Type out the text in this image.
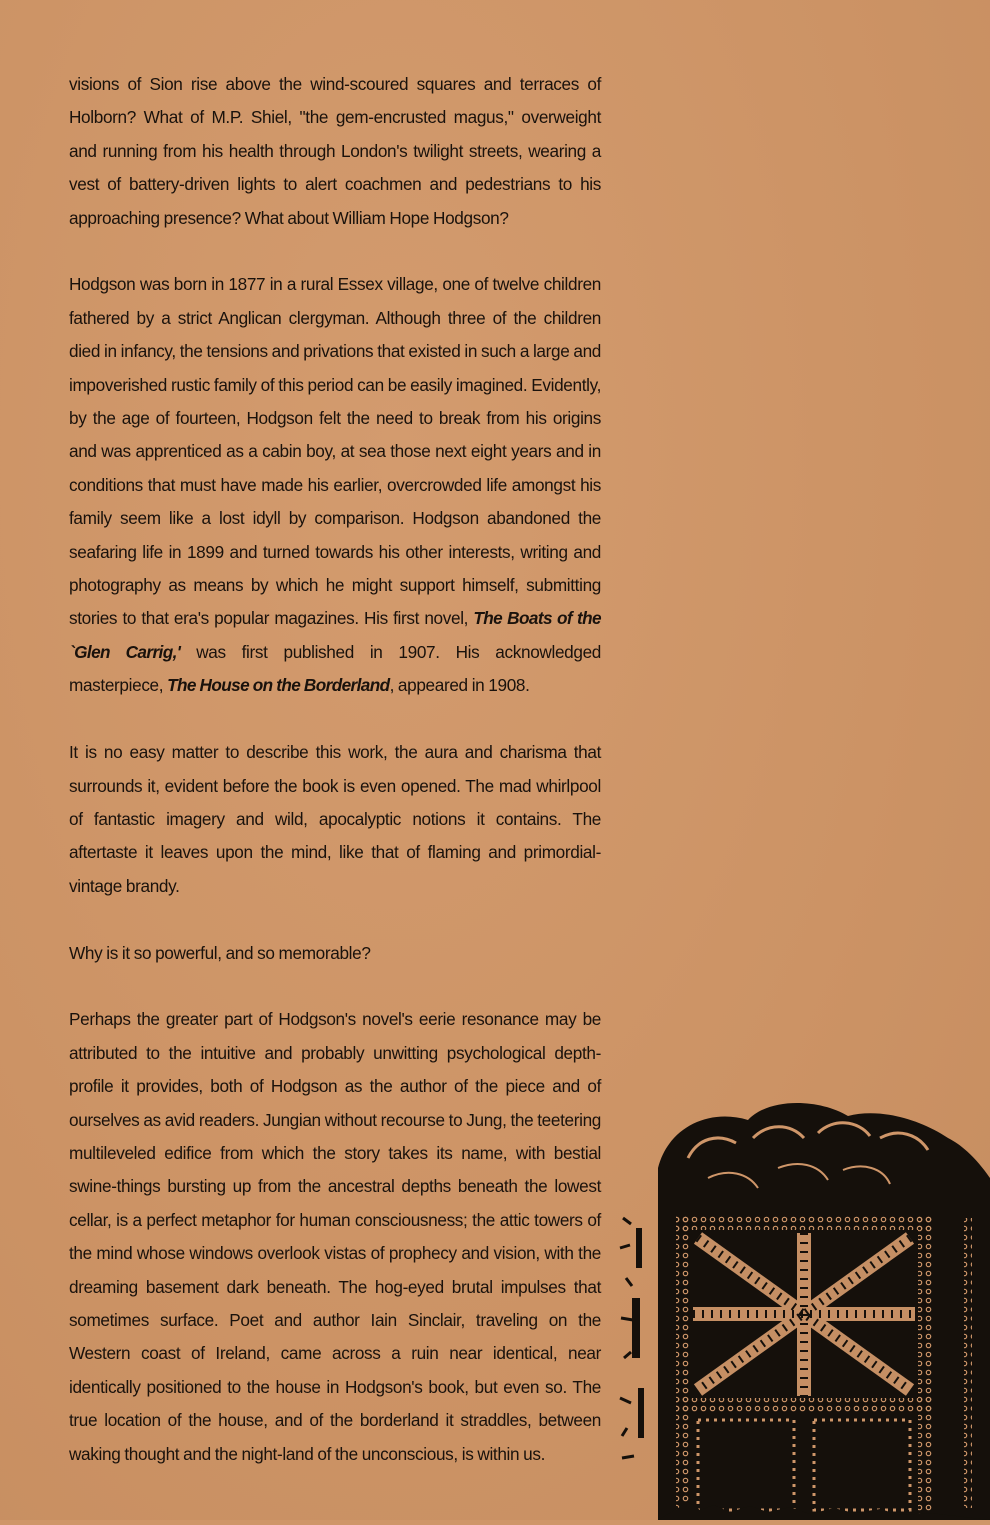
visions of Sion rise above the wind-scoured squares and terraces of Holborn? What of M.P. Shiel, "the gem-encrusted magus," overweight and running from his health through London's twilight streets, wearing a vest of battery-driven lights to alert coachmen and pedestrians to his approaching presence? What about William Hope Hodgson?

Hodgson was born in 1877 in a rural Essex village, one of twelve children fathered by a strict Anglican clergyman. Although three of the children died in infancy, the tensions and privations that existed in such a large and impoverished rustic family of this period can be easily imagined. Evidently, by the age of fourteen, Hodgson felt the need to break from his origins and was apprenticed as a cabin boy, at sea those next eight years and in conditions that must have made his earlier, overcrowded life amongst his family seem like a lost idyll by comparison. Hodgson abandoned the seafaring life in 1899 and turned towards his other interests, writing and photography as means by which he might support himself, submitting stories to that era's popular magazines. His first novel, The Boats of the `Glen Carrig,' was first published in 1907. His acknowledged masterpiece, The House on the Borderland, appeared in 1908.

It is no easy matter to describe this work, the aura and charisma that surrounds it, evident before the book is even opened. The mad whirlpool of fantastic imagery and wild, apocalyptic notions it contains. The aftertaste it leaves upon the mind, like that of flaming and primordial-vintage brandy.

Why is it so powerful, and so memorable?

Perhaps the greater part of Hodgson's novel's eerie resonance may be attributed to the intuitive and probably unwitting psychological depth-profile it provides, both of Hodgson as the author of the piece and of ourselves as avid readers. Jungian without recourse to Jung, the teetering multileveled edifice from which the story takes its name, with bestial swine-things bursting up from the ancestral depths beneath the lowest cellar, is a perfect metaphor for human consciousness; the attic towers of the mind whose windows overlook vistas of prophecy and vision, with the dreaming basement dark beneath. The hog-eyed brutal impulses that sometimes surface. Poet and author Iain Sinclair, traveling on the Western coast of Ireland, came across a ruin near identical, near identically positioned to the house in Hodgson's book, but even so. The true location of the house, and of the borderland it straddles, between waking thought and the night-land of the unconscious, is within us.
